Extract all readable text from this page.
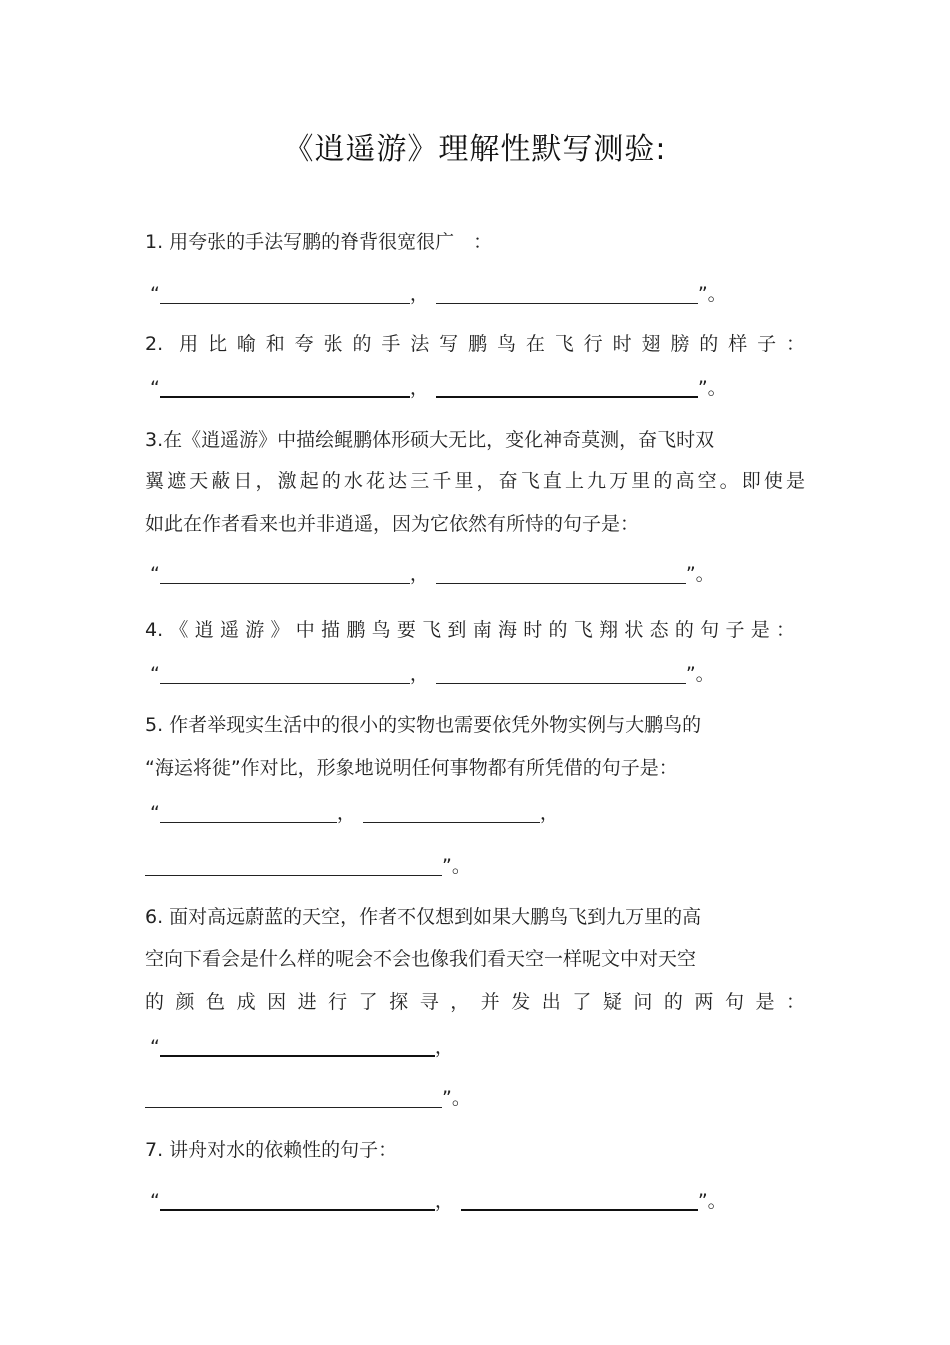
《逍遥游》理解性默写测验:
1. 用夸张的手法写鹏的脊背很宽很广　：
“	，	”。
2. 用比喻和夸张的手法写鹏鸟在飞行时翅膀的样子：
“	，	”。
3.在《逍遥游》中描绘鲲鹏体形硕大无比，变化神奇莫测，奋飞时双
翼遮天蔽日，激起的水花达三千里，奋飞直上九万里的高空。即使是
如此在作者看来也并非逍遥，因为它依然有所恃的句子是：
“	，	”。
4.《逍遥游》中描鹏鸟要飞到南海时的飞翔状态的句子是：
“	，	”。
5. 作者举现实生活中的很小的实物也需要依凭外物实例与大鹏鸟的
“海运将徙”作对比，形象地说明任何事物都有所凭借的句子是：
“	，	，
”。
6. 面对高远蔚蓝的天空，作者不仅想到如果大鹏鸟飞到九万里的高
空向下看会是什么样的呢会不会也像我们看天空一样呢文中对天空
的颜色成因进行了探寻，并发出了疑问的两句是：
“	，
”。
7. 讲舟对水的依赖性的句子：
“	，	”。
